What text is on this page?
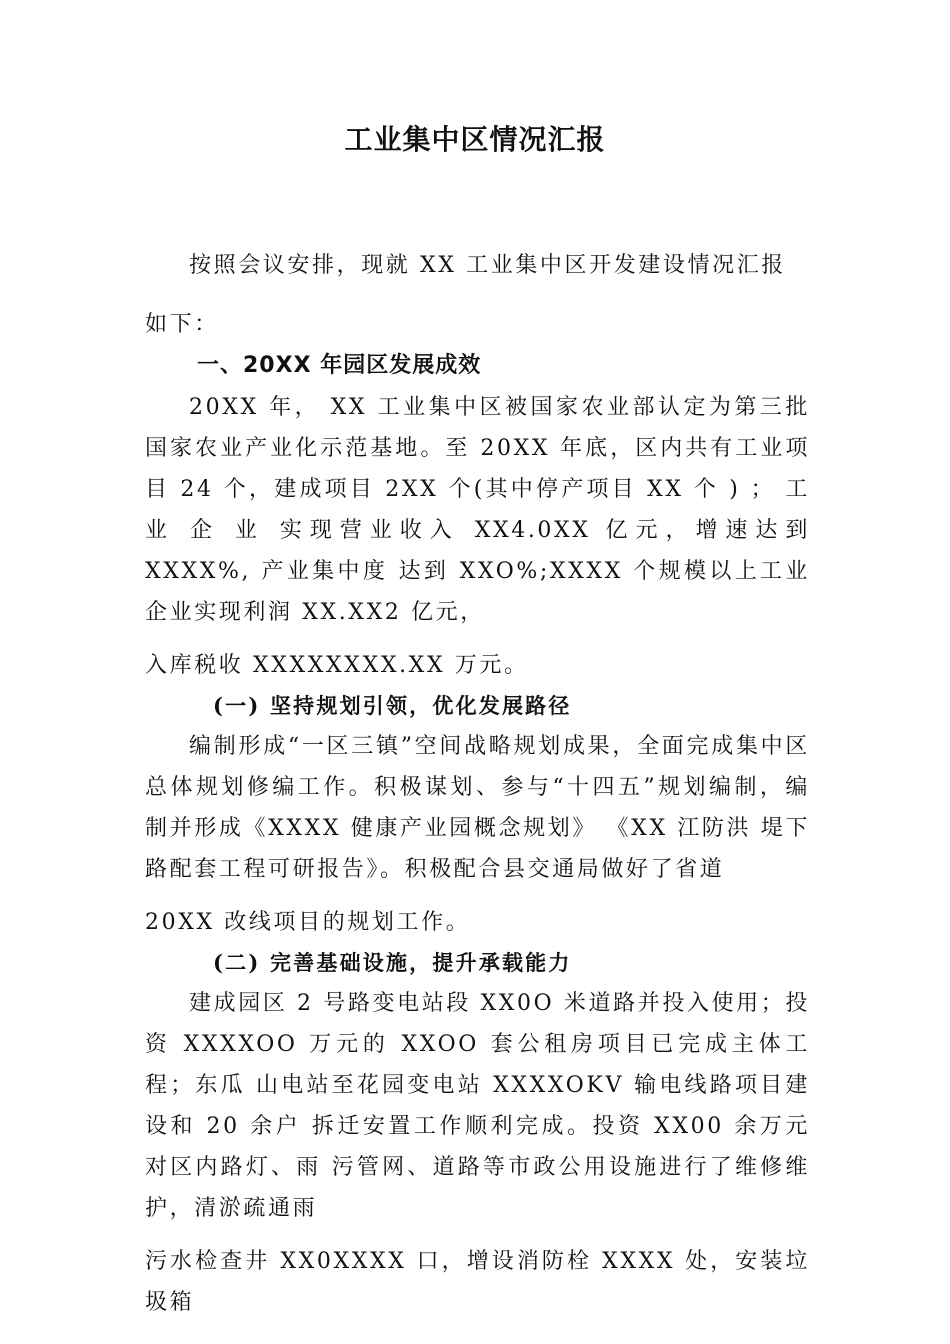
工业集中区情况汇报

按照会议安排，现就 XX 工业集中区开发建设情况汇报

如下：

一、20XX 年园区发展成效

20XX 年， XX 工业集中区被国家农业部认定为第三批国家农业产业化示范基地。至 20XX 年底，区内共有工业项目 24 个，建成项目 2XX 个(其中停产项目 XX 个 ) ； 工 业 企 业 实现营业收入 XX4.0XX 亿元，增速达到 XXXX%, 产业集中度 达到 XXO%;XXXX 个规模以上工业企业实现利润 XX.XX2 亿元，

入库税收 XXXXXXXX.XX 万元。

(一) 坚持规划引领，优化发展路径

编制形成“一区三镇”空间战略规划成果，全面完成集中区总体规划修编工作。积极谋划、参与“十四五”规划编制，编制并形成《XXXX 健康产业园概念规划》 《XX 江防洪 堤下路配套工程可研报告》。积极配合县交通局做好了省道

20XX 改线项目的规划工作。

(二) 完善基础设施，提升承载能力

建成园区 2 号路变电站段 XX0O 米道路并投入使用；投 资 XXXXOO 万元的 XXOO 套公租房项目已完成主体工程；东瓜 山电站至花园变电站 XXXXOKV 输电线路项目建设和 20 余户 拆迁安置工作顺利完成。投资 XX00 余万元对区内路灯、雨 污管网、道路等市政公用设施进行了维修维护，清淤疏通雨

污水检查井 XX0XXXX 口，增设消防栓 XXXX 处，安装垃圾箱
